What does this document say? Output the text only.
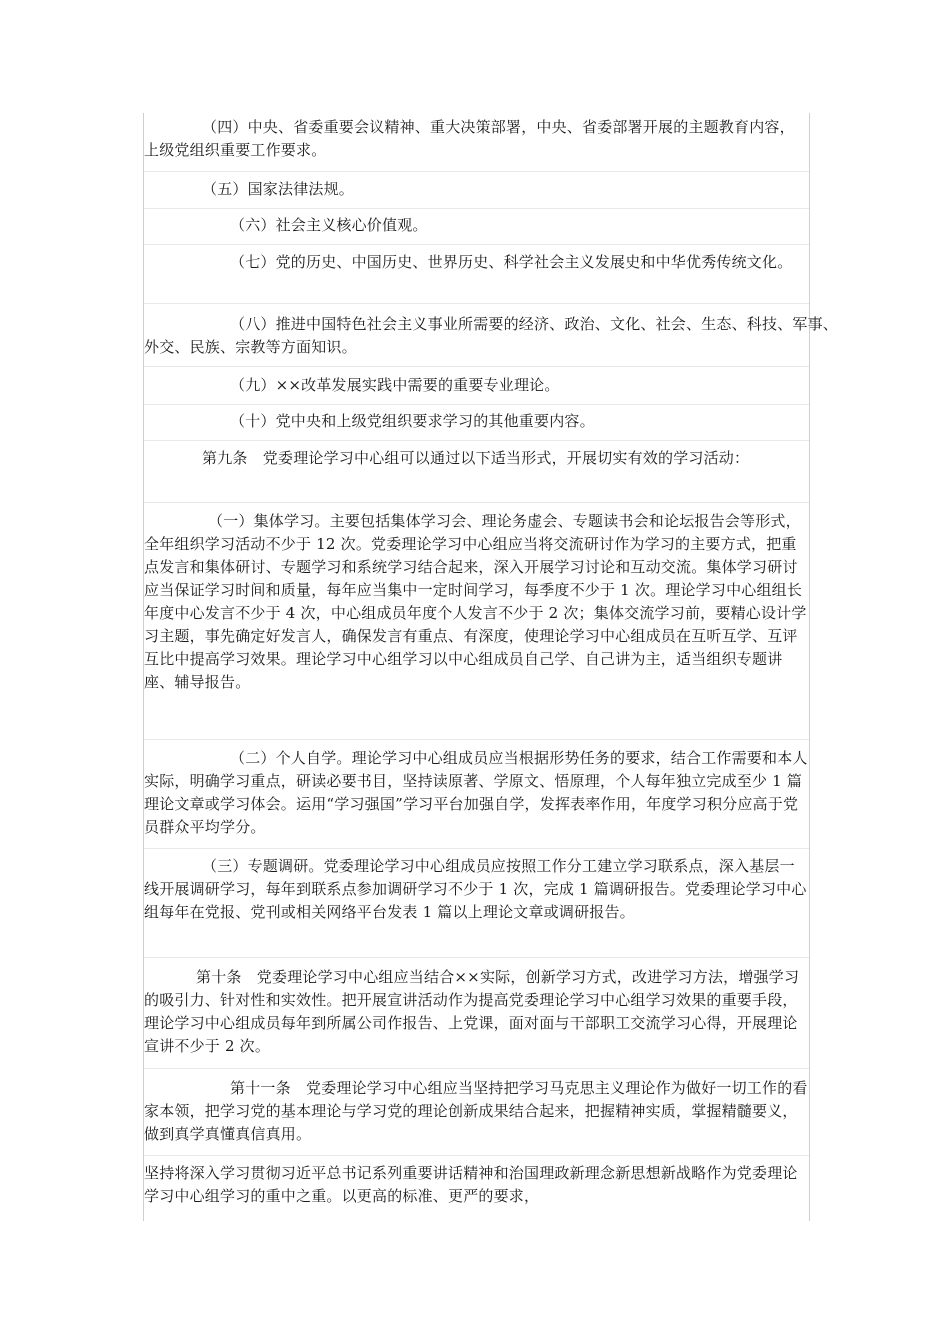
（四）中央、省委重要会议精神、重大决策部署，中央、省委部署开展的主题教育内容，上级党组织重要工作要求。
（五）国家法律法规。
（六）社会主义核心价值观。
（七）党的历史、中国历史、世界历史、科学社会主义发展史和中华优秀传统文化。
（八）推进中国特色社会主义事业所需要的经济、政治、文化、社会、生态、科技、军事、外交、民族、宗教等方面知识。
（九）××改革发展实践中需要的重要专业理论。
（十）党中央和上级党组织要求学习的其他重要内容。
第九条　党委理论学习中心组可以通过以下适当形式，开展切实有效的学习活动：
（一）集体学习。主要包括集体学习会、理论务虚会、专题读书会和论坛报告会等形式，全年组织学习活动不少于 12 次。党委理论学习中心组应当将交流研讨作为学习的主要方式，把重点发言和集体研讨、专题学习和系统学习结合起来，深入开展学习讨论和互动交流。集体学习研讨应当保证学习时间和质量，每年应当集中一定时间学习，每季度不少于 1 次。理论学习中心组组长年度中心发言不少于 4 次，中心组成员年度个人发言不少于 2 次；集体交流学习前，要精心设计学习主题，事先确定好发言人，确保发言有重点、有深度，使理论学习中心组成员在互听互学、互评互比中提高学习效果。理论学习中心组学习以中心组成员自己学、自己讲为主，适当组织专题讲座、辅导报告。
（二）个人自学。理论学习中心组成员应当根据形势任务的要求，结合工作需要和本人实际，明确学习重点，研读必要书目，坚持读原著、学原文、悟原理，个人每年独立完成至少 1 篇理论文章或学习体会。运用“学习强国”学习平台加强自学，发挥表率作用，年度学习积分应高于党员群众平均学分。
（三）专题调研。党委理论学习中心组成员应按照工作分工建立学习联系点，深入基层一线开展调研学习，每年到联系点参加调研学习不少于 1 次，完成 1 篇调研报告。党委理论学习中心组每年在党报、党刊或相关网络平台发表 1 篇以上理论文章或调研报告。
第十条　党委理论学习中心组应当结合××实际，创新学习方式，改进学习方法，增强学习的吸引力、针对性和实效性。把开展宣讲活动作为提高党委理论学习中心组学习效果的重要手段，理论学习中心组成员每年到所属公司作报告、上党课，面对面与干部职工交流学习心得，开展理论宣讲不少于 2 次。
第十一条　党委理论学习中心组应当坚持把学习马克思主义理论作为做好一切工作的看家本领，把学习党的基本理论与学习党的理论创新成果结合起来，把握精神实质，掌握精髓要义，做到真学真懂真信真用。
坚持将深入学习贯彻习近平总书记系列重要讲话精神和治国理政新理念新思想新战略作为党委理论学习中心组学习的重中之重。以更高的标准、更严的要求，
